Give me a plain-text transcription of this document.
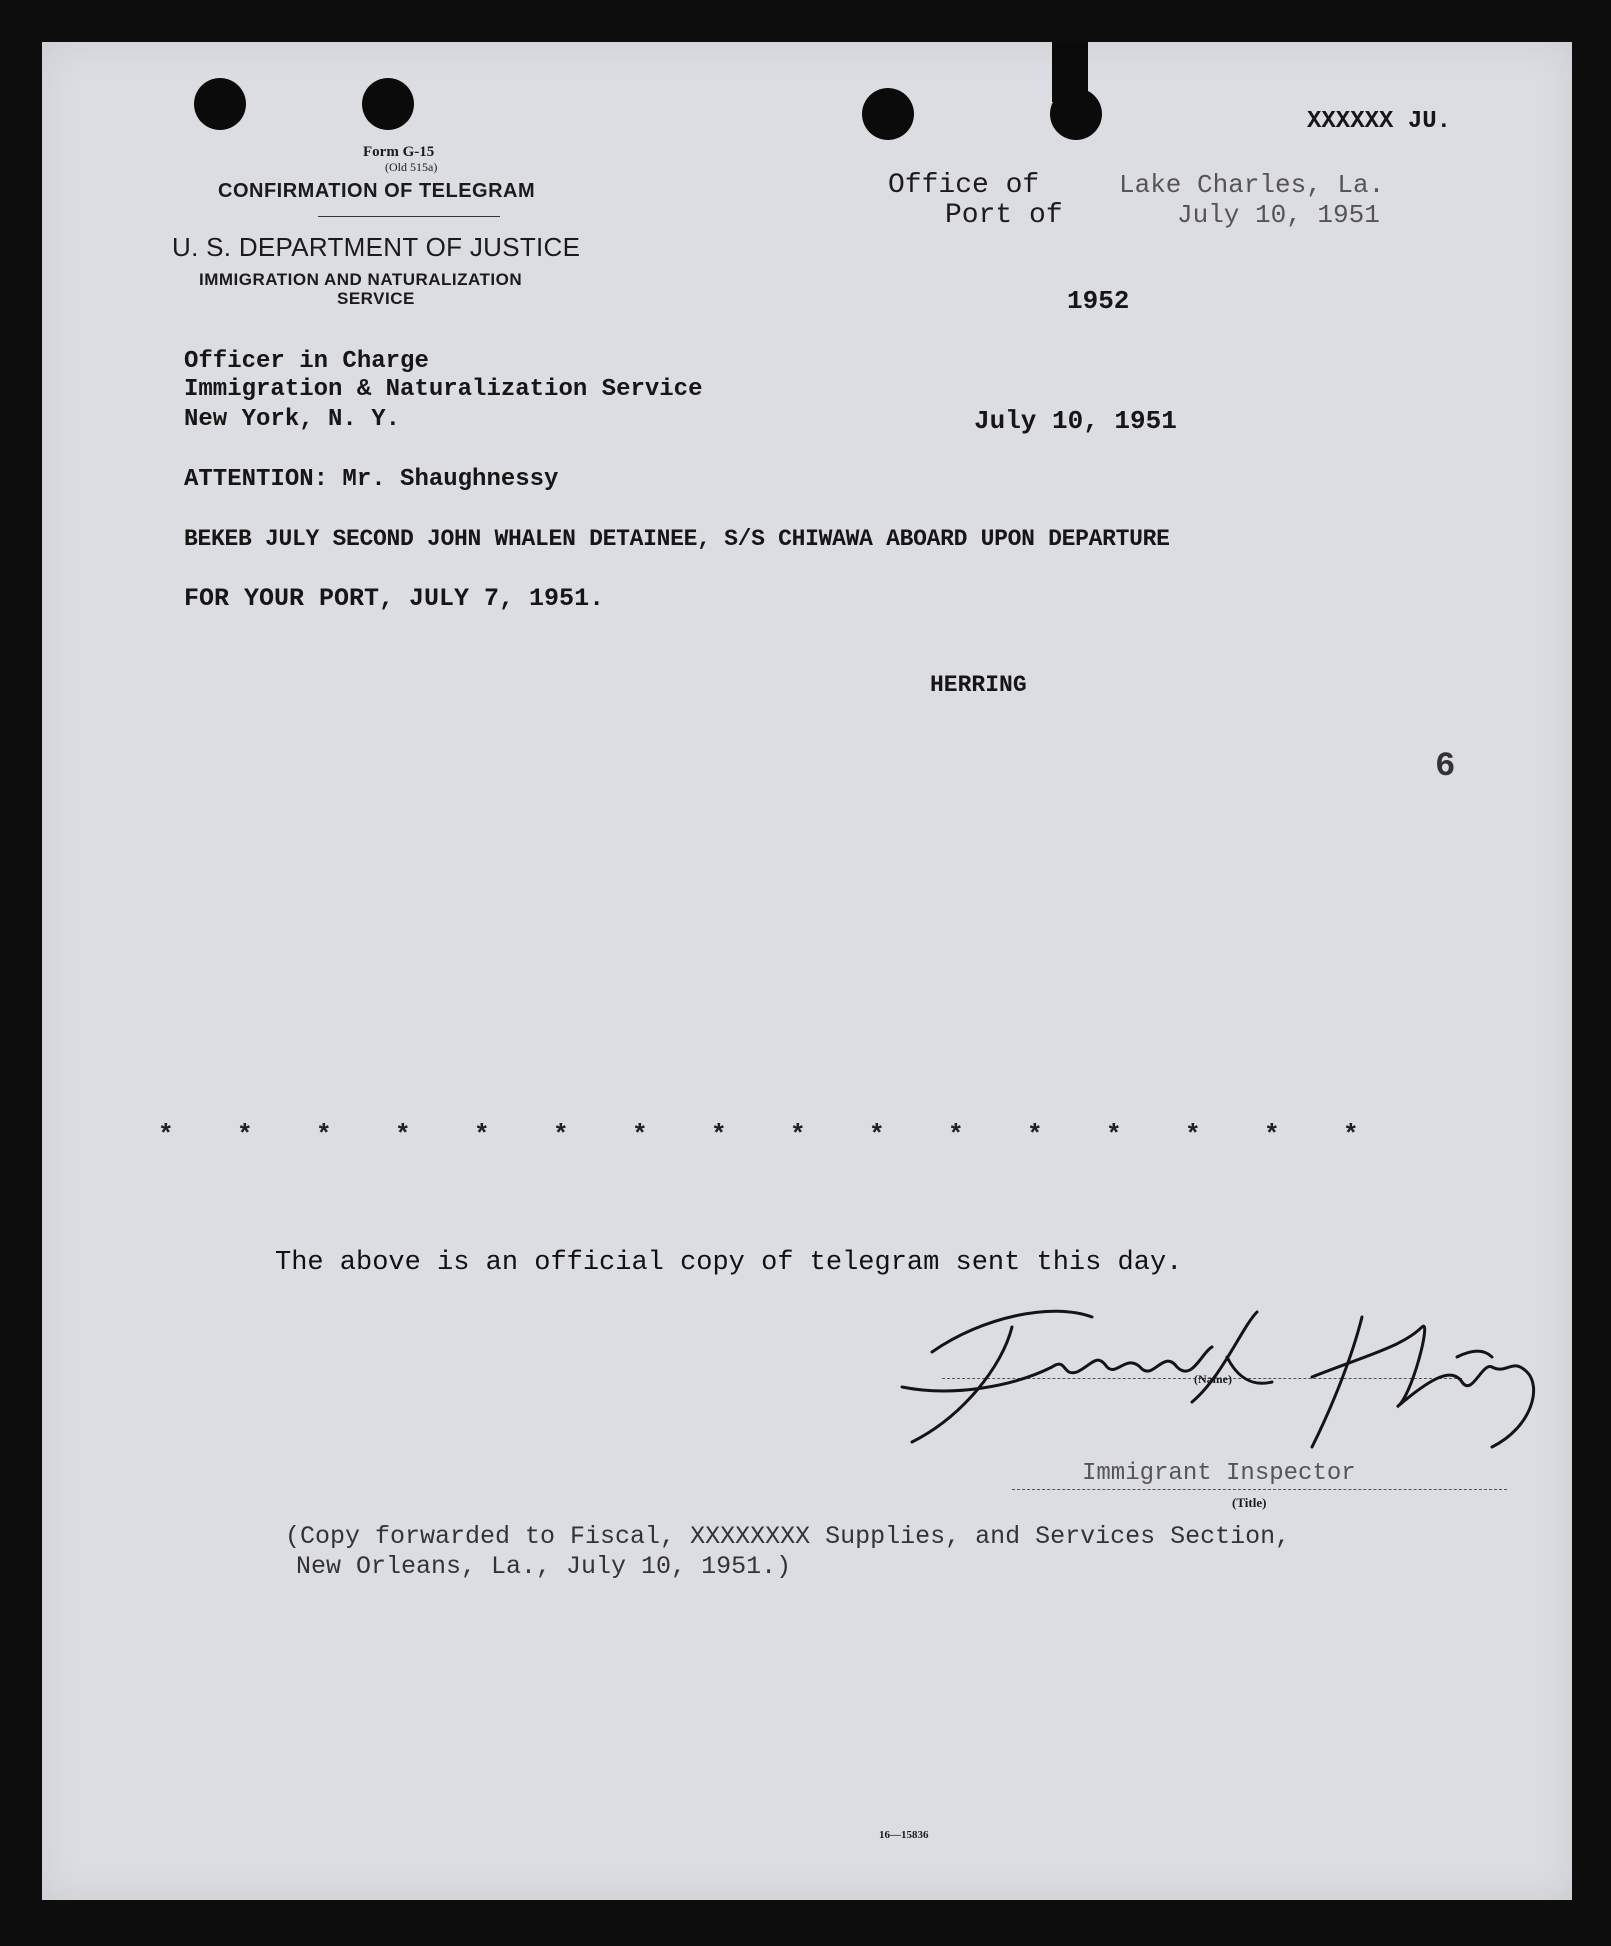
XXXXXX JU.
Form G-15
(Old 515a)
CONFIRMATION OF TELEGRAM
U. S. DEPARTMENT OF JUSTICE
IMMIGRATION AND NATURALIZATION
SERVICE
Office of
Port of
Lake Charles, La.
July 10, 1951
1952
Officer in Charge
Immigration & Naturalization Service
New York, N. Y.	July 10, 1951
ATTENTION: Mr. Shaughnessy
BEKEB JULY SECOND JOHN WHALEN DETAINEE, S/S CHIWAWA ABOARD UPON DEPARTURE
FOR YOUR PORT, JULY 7, 1951.
HERRING
6
* * * * * * * * * * * * * * * *
The above is an official copy of telegram sent this day.
(Name)
Immigrant Inspector
(Title)
(Copy forwarded to Fiscal, XXXXXXXX Supplies, and Services Section,
New Orleans, La., July 10, 1951.)
16—15836
